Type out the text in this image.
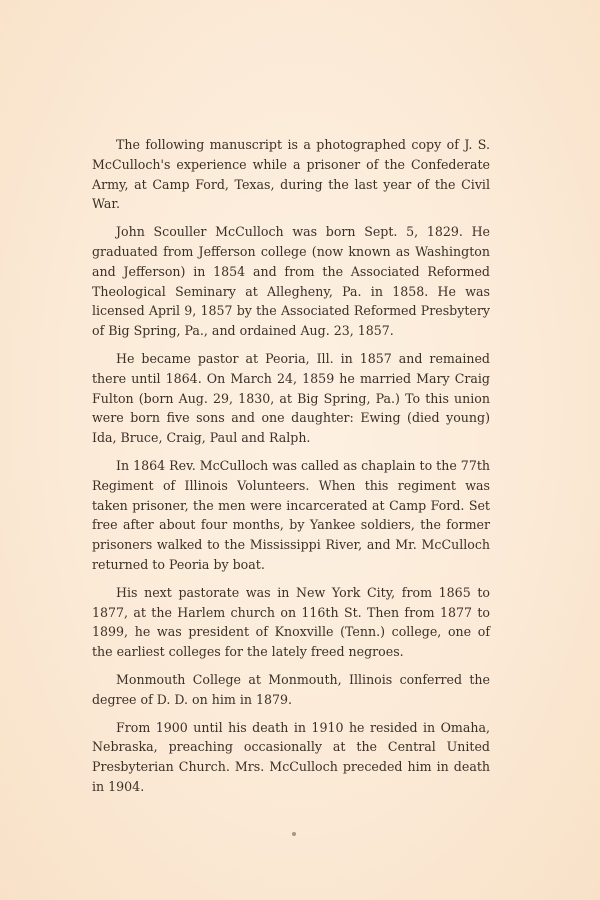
The following manuscript is a photographed copy of J. S. McCulloch's experience while a prisoner of the Confederate Army, at Camp Ford, Texas, during the last year of the Civil War.

John Scouller McCulloch was born Sept. 5, 1829. He graduated from Jefferson college (now known as Washington and Jefferson) in 1854 and from the Associated Reformed Theological Seminary at Allegheny, Pa. in 1858. He was licensed April 9, 1857 by the Associated Reformed Presbytery of Big Spring, Pa., and ordained Aug. 23, 1857.

He became pastor at Peoria, Ill. in 1857 and remained there until 1864. On March 24, 1859 he married Mary Craig Fulton (born Aug. 29, 1830, at Big Spring, Pa.) To this union were born five sons and one daughter: Ewing (died young) Ida, Bruce, Craig, Paul and Ralph.

In 1864 Rev. McCulloch was called as chaplain to the 77th Regiment of Illinois Volunteers. When this regiment was taken prisoner, the men were incarcerated at Camp Ford. Set free after about four months, by Yankee soldiers, the former prisoners walked to the Mississippi River, and Mr. McCulloch returned to Peoria by boat.

His next pastorate was in New York City, from 1865 to 1877, at the Harlem church on 116th St. Then from 1877 to 1899, he was president of Knoxville (Tenn.) college, one of the earliest colleges for the lately freed negroes.

Monmouth College at Monmouth, Illinois conferred the degree of D. D. on him in 1879.

From 1900 until his death in 1910 he resided in Omaha, Nebraska, preaching occasionally at the Central United Presbyterian Church. Mrs. McCulloch preceded him in death in 1904.
